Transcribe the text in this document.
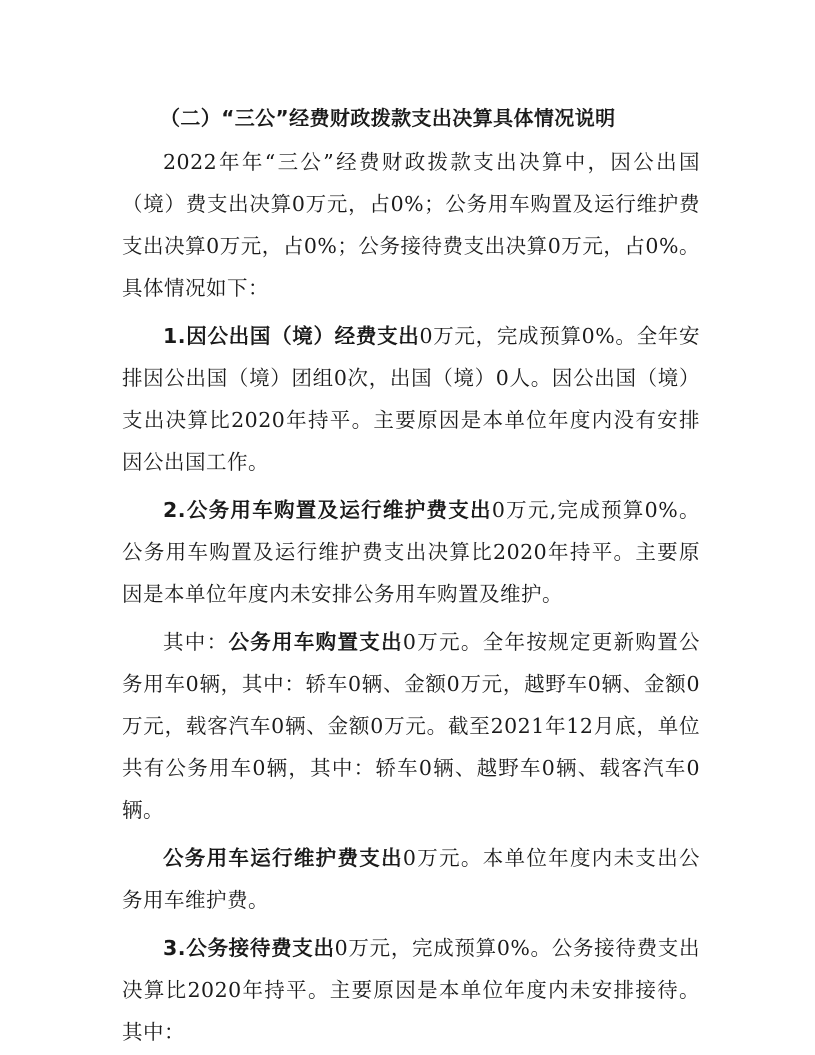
（二）“三公”经费财政拨款支出决算具体情况说明

2022年年“三公”经费财政拨款支出决算中，因公出国（境）费支出决算0万元，占0%；公务用车购置及运行维护费支出决算0万元，占0%；公务接待费支出决算0万元，占0%。具体情况如下：

1.因公出国（境）经费支出0万元，完成预算0%。全年安排因公出国（境）团组0次，出国（境）0人。因公出国（境）支出决算比2020年持平。主要原因是本单位年度内没有安排因公出国工作。

2.公务用车购置及运行维护费支出0万元,完成预算0%。公务用车购置及运行维护费支出决算比2020年持平。主要原因是本单位年度内未安排公务用车购置及维护。

其中：公务用车购置支出0万元。全年按规定更新购置公务用车0辆，其中：轿车0辆、金额0万元，越野车0辆、金额0万元，载客汽车0辆、金额0万元。截至2021年12月底，单位共有公务用车0辆，其中：轿车0辆、越野车0辆、载客汽车0辆。

公务用车运行维护费支出0万元。本单位年度内未支出公务用车维护费。

3.公务接待费支出0万元，完成预算0%。公务接待费支出决算比2020年持平。主要原因是本单位年度内未安排接待。其中：
